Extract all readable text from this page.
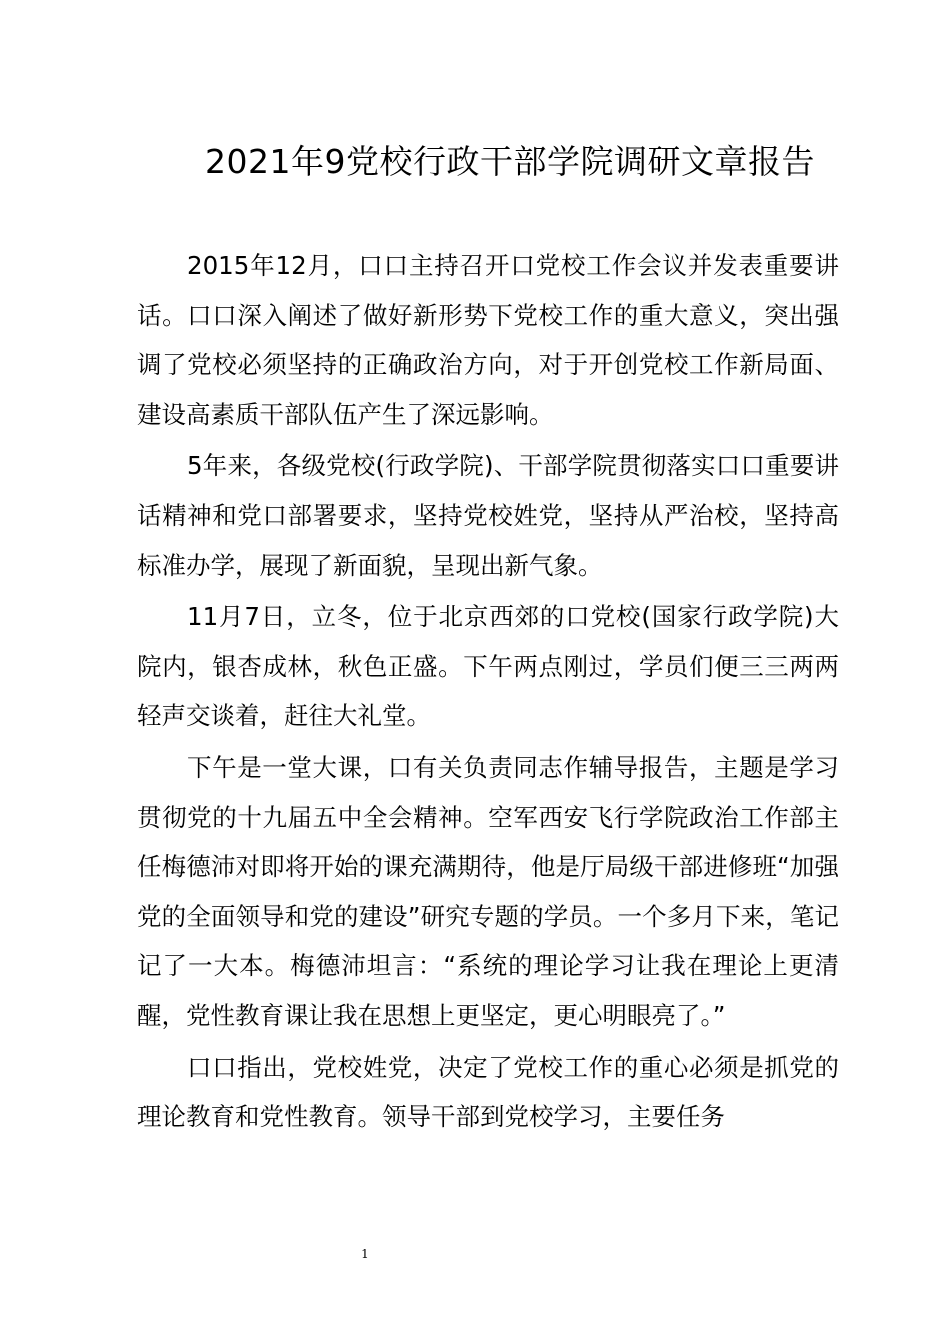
2021年9党校行政干部学院调研文章报告

2015年12月，口口主持召开口党校工作会议并发表重要讲话。口口深入阐述了做好新形势下党校工作的重大意义，突出强调了党校必须坚持的正确政治方向，对于开创党校工作新局面、建设高素质干部队伍产生了深远影响。

5年来，各级党校(行政学院)、干部学院贯彻落实口口重要讲话精神和党口部署要求，坚持党校姓党，坚持从严治校，坚持高标准办学，展现了新面貌，呈现出新气象。

11月7日，立冬，位于北京西郊的口党校(国家行政学院)大院内，银杏成林，秋色正盛。下午两点刚过，学员们便三三两两轻声交谈着，赶往大礼堂。

下午是一堂大课，口有关负责同志作辅导报告，主题是学习贯彻党的十九届五中全会精神。空军西安飞行学院政治工作部主任梅德沛对即将开始的课充满期待，他是厅局级干部进修班“加强党的全面领导和党的建设”研究专题的学员。一个多月下来，笔记记了一大本。梅德沛坦言：“系统的理论学习让我在理论上更清醒，党性教育课让我在思想上更坚定，更心明眼亮了。”

口口指出，党校姓党，决定了党校工作的重心必须是抓党的理论教育和党性教育。领导干部到党校学习，主要任务

1
